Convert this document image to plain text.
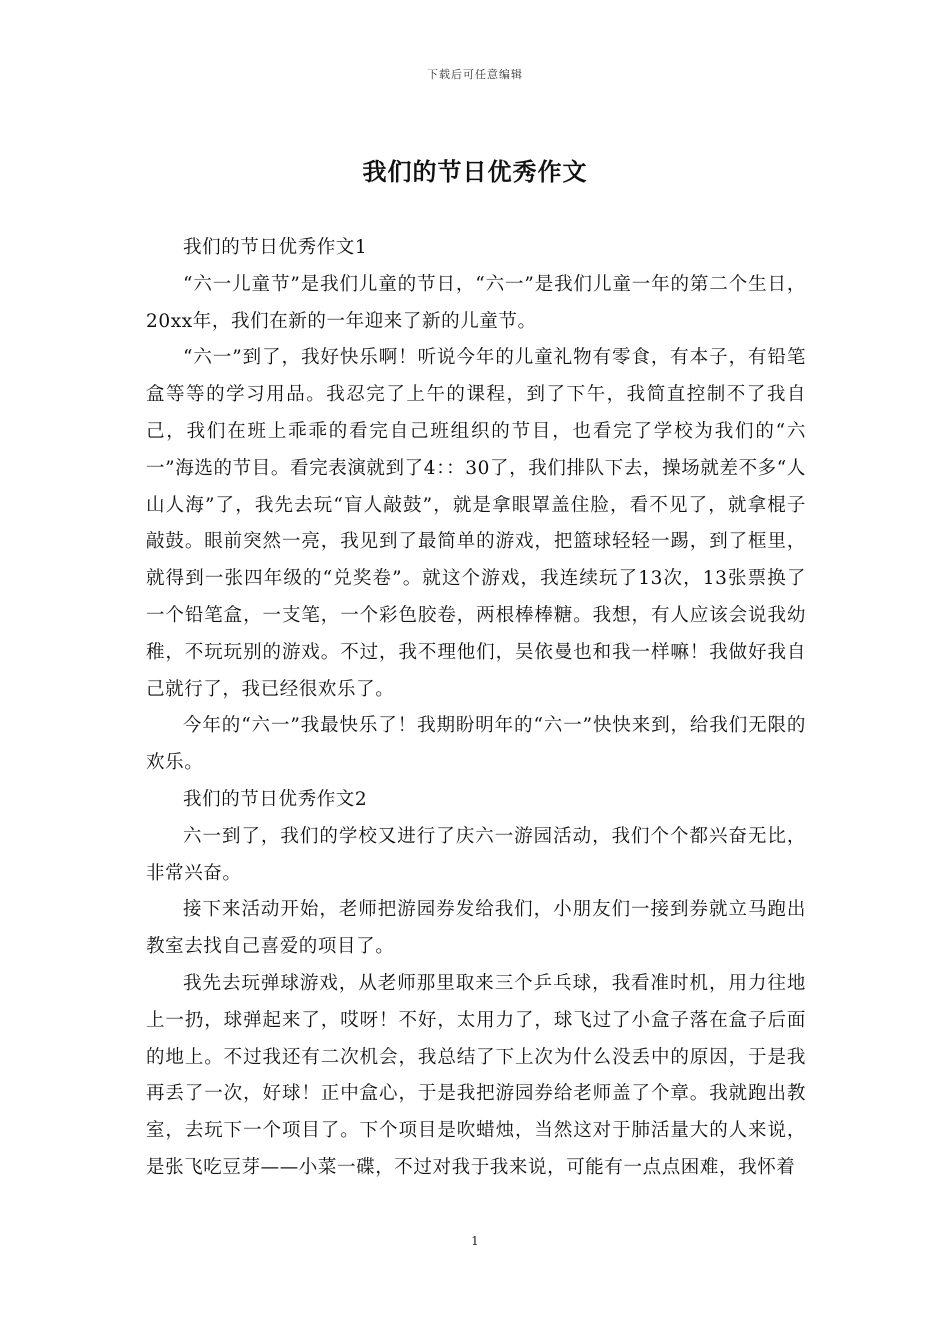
下载后可任意编辑
我们的节日优秀作文

我们的节日优秀作文1

“六一儿童节”是我们儿童的节日，“六一”是我们儿童一年的第二个生日，20xx年，我们在新的一年迎来了新的儿童节。

“六一”到了，我好快乐啊！听说今年的儿童礼物有零食，有本子，有铅笔盒等等的学习用品。我忍完了上午的课程，到了下午，我简直控制不了我自己，我们在班上乖乖的看完自己班组织的节目，也看完了学校为我们的“六一”海选的节目。看完表演就到了4：：30了，我们排队下去，操场就差不多“人山人海”了，我先去玩“盲人敲鼓”，就是拿眼罩盖住脸，看不见了，就拿棍子敲鼓。眼前突然一亮，我见到了最简单的游戏，把篮球轻轻一踢，到了框里，就得到一张四年级的“兑奖卷”。就这个游戏，我连续玩了13次，13张票换了一个铅笔盒，一支笔，一个彩色胶卷，两根棒棒糖。我想，有人应该会说我幼稚，不玩玩别的游戏。不过，我不理他们，吴依曼也和我一样嘛！我做好我自己就行了，我已经很欢乐了。

今年的“六一”我最快乐了！我期盼明年的“六一”快快来到，给我们无限的欢乐。

我们的节日优秀作文2

六一到了，我们的学校又进行了庆六一游园活动，我们个个都兴奋无比，非常兴奋。

接下来活动开始，老师把游园券发给我们，小朋友们一接到券就立马跑出教室去找自己喜爱的项目了。

我先去玩弹球游戏，从老师那里取来三个乒乓球，我看准时机，用力往地上一扔，球弹起来了，哎呀！不好，太用力了，球飞过了小盒子落在盒子后面的地上。不过我还有二次机会，我总结了下上次为什么没丢中的原因，于是我再丢了一次，好球！正中盒心，于是我把游园券给老师盖了个章。我就跑出教室，去玩下一个项目了。下个项目是吹蜡烛，当然这对于肺活量大的人来说，是张飞吃豆芽——小菜一碟，不过对我于我来说，可能有一点点困难，我怀着

1
